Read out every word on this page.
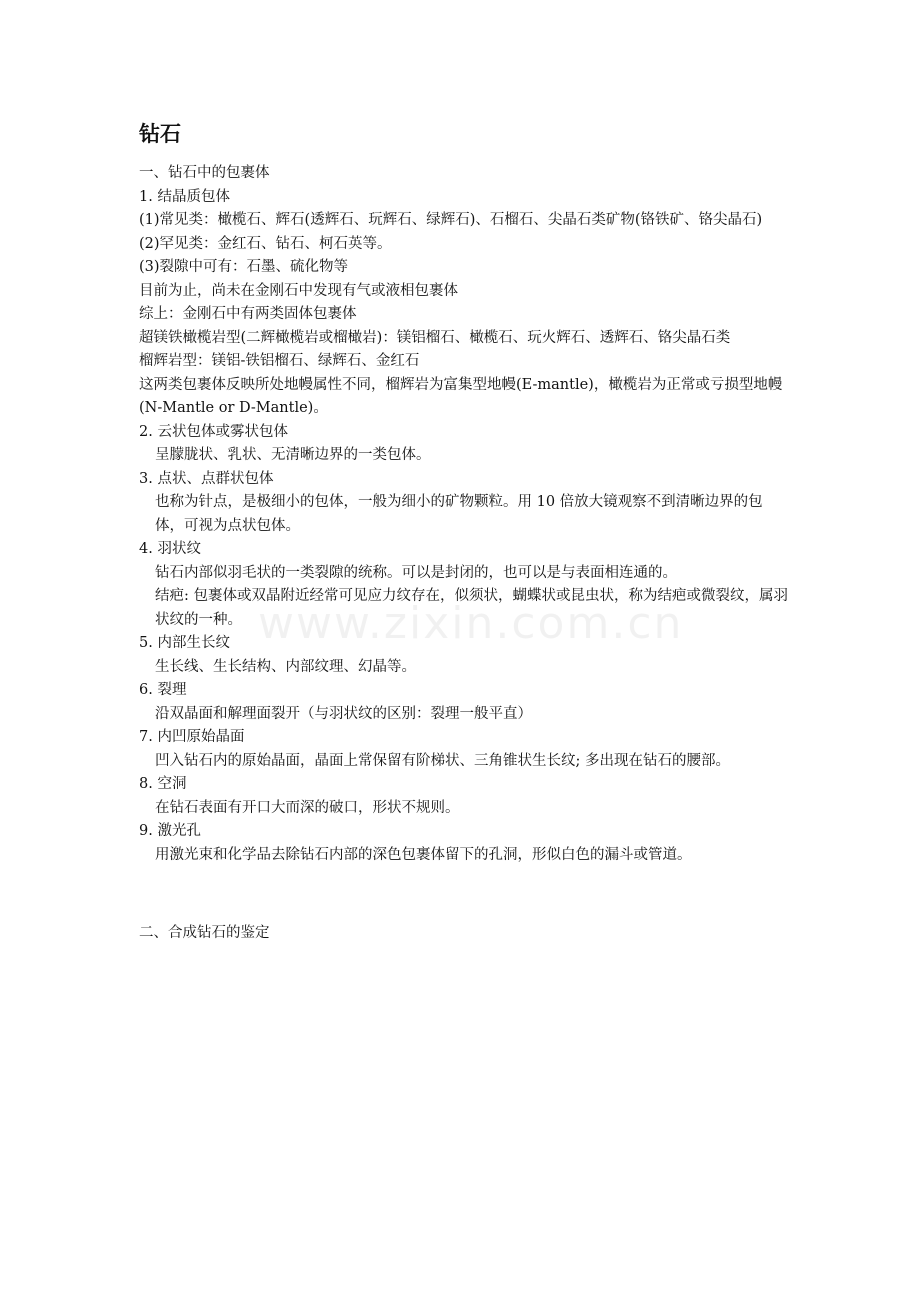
钻石

一、钻石中的包裹体

1. 结晶质包体

(1)常见类：橄榄石、辉石(透辉石、玩辉石、绿辉石)、石榴石、尖晶石类矿物(铬铁矿、铬尖晶石)

(2)罕见类：金红石、钻石、柯石英等。

(3)裂隙中可有：石墨、硫化物等

目前为止，尚未在金刚石中发现有气或液相包裹体

综上：金刚石中有两类固体包裹体

超镁铁橄榄岩型(二辉橄榄岩或榴橄岩)：镁铝榴石、橄榄石、玩火辉石、透辉石、铬尖晶石类

榴辉岩型：镁铝-铁铝榴石、绿辉石、金红石

这两类包裹体反映所处地幔属性不同，榴辉岩为富集型地幔(E-mantle)，橄榄岩为正常或亏损型地幔(N-Mantle or D-Mantle)。

2. 云状包体或雾状包体

呈朦胧状、乳状、无清晰边界的一类包体。

3. 点状、点群状包体

也称为针点，是极细小的包体，一般为细小的矿物颗粒。用 10 倍放大镜观察不到清晰边界的包体，可视为点状包体。

4. 羽状纹

钻石内部似羽毛状的一类裂隙的统称。可以是封闭的，也可以是与表面相连通的。

结疤: 包裹体或双晶附近经常可见应力纹存在，似须状，蝴蝶状或昆虫状，称为结疤或微裂纹，属羽状纹的一种。

5. 内部生长纹

生长线、生长结构、内部纹理、幻晶等。

6. 裂理

沿双晶面和解理面裂开（与羽状纹的区别：裂理一般平直）

7. 内凹原始晶面

凹入钻石内的原始晶面，晶面上常保留有阶梯状、三角锥状生长纹; 多出现在钻石的腰部。

8. 空洞

在钻石表面有开口大而深的破口，形状不规则。

9. 激光孔

用激光束和化学品去除钻石内部的深色包裹体留下的孔洞，形似白色的漏斗或管道。

二、合成钻石的鉴定

www.zixin.com.cn
